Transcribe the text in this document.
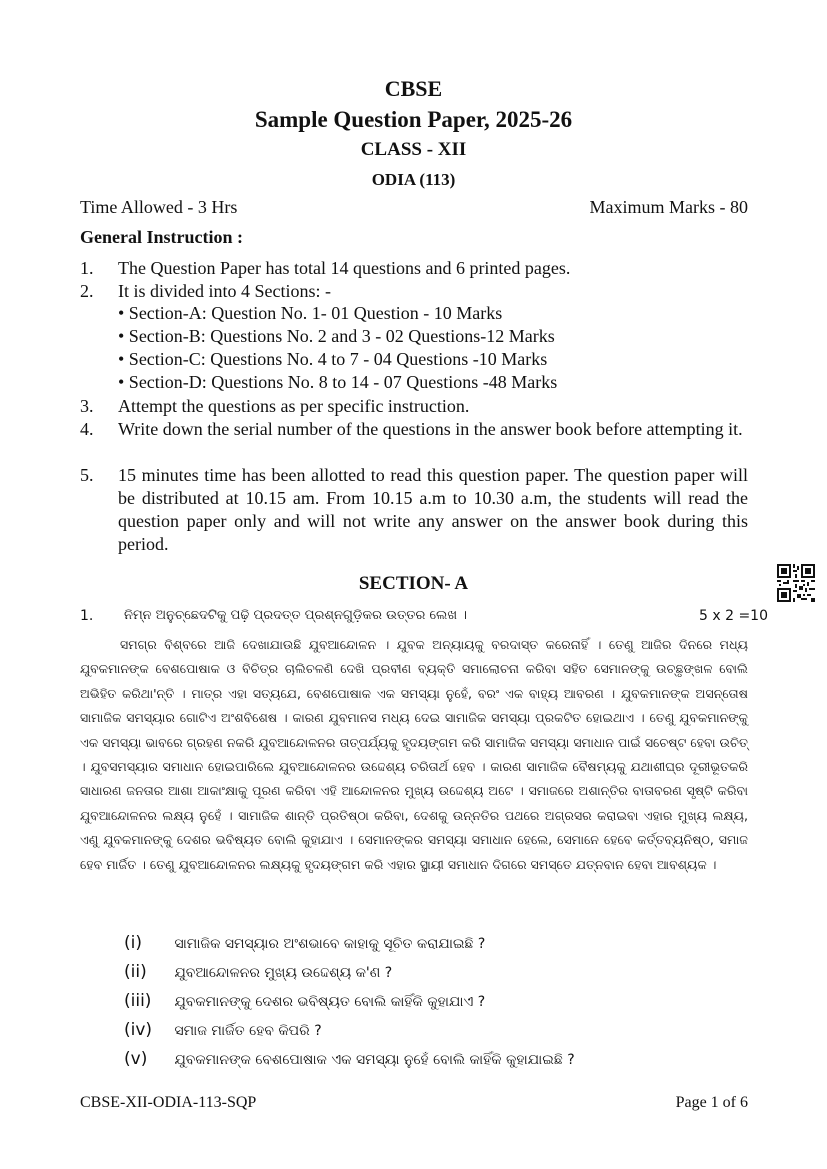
CBSE
Sample Question Paper, 2025-26
CLASS - XII
ODIA (113)
Time Allowed - 3 Hrs	Maximum Marks - 80
General Instruction :
1. The Question Paper has total 14 questions and 6 printed pages.
2. It is divided into 4 Sections: -
• Section-A: Question No. 1- 01 Question - 10 Marks
• Section-B: Questions No. 2 and 3 - 02 Questions-12 Marks
• Section-C: Questions No. 4 to 7 - 04 Questions -10 Marks
• Section-D: Questions No. 8 to 14 - 07 Questions -48 Marks
3. Attempt the questions as per specific instruction.
4. Write down the serial number of the questions in the answer book before attempting it.
5. 15 minutes time has been allotted to read this question paper. The question paper will be distributed at 10.15 am. From 10.15 a.m to 10.30 a.m, the students will read the question paper only and will not write any answer on the answer book during this period.
SECTION- A
1. ନିମ୍ନ ଅନୁଚ୍ଛେଦଟିକୁ ପଢ଼ି ପ୍ରଦତ୍ତ ପ୍ରଶ୍ନଗୁଡ଼ିକର ଉତ୍ତର ଲେଖ ।	5 x 2 =10
ସମଗ୍ର ବିଶ୍ବରେ ଆଜି ଦେଖାଯାଉଛି ଯୁବଆନ୍ଦୋଳନ । ଯୁବକ ଅନ୍ୟାୟକୁ ବରଦାସ୍ତ କରେନାହିଁ । ତେଣୁ ଆଜିର ଦିନରେ ମଧ୍ୟ ଯୁବକମାନଙ୍କ ବେଶପୋଷାକ ଓ ବିଚିତ୍ର ଚାଲିଚଳଣି ଦେଖି ପ୍ରବୀଣ ବ୍ୟକ୍ତି ସମାଲୋଚନା କରିବା ସହିତ ସେମାନଙ୍କୁ ଉଚ୍ଛୃଙ୍ଖଳ ବୋଲି ଅଭିହିତ କରିଥା'ନ୍ତି । ମାତ୍ର ଏହା ସତ୍ୟଯେ, ବେଶପୋଷାକ ଏକ ସମସ୍ୟା ନୁହେଁ, ବରଂ ଏକ ବାହ୍ୟ ଆବରଣ । ଯୁବକମାନଙ୍କ ଅସନ୍ତୋଷ ସାମାଜିକ ସମସ୍ୟାର ଗୋଟିଏ ଅଂଶବିଶେଷ । କାରଣ ଯୁବମାନସ ମଧ୍ୟ ଦେଇ ସାମାଜିକ ସମସ୍ୟା ପ୍ରକଟିତ ହୋଇଥାଏ । ତେଣୁ ଯୁବକମାନଙ୍କୁ ଏକ ସମସ୍ୟା ଭାବରେ ଗ୍ରହଣ ନକରି ଯୁବଆନ୍ଦୋଳନର ତାତ୍ପର୍ଯ୍ୟକୁ ହୃଦୟଙ୍ଗମ କରି ସାମାଜିକ ସମସ୍ୟା ସମାଧାନ ପାଇଁ ସଚେଷ୍ଟ ହେବା ଉଚିତ୍ । ଯୁବସମସ୍ୟାର ସମାଧାନ ହୋଇପାରିଲେ ଯୁବଆନ୍ଦୋଳନର ଉଦ୍ଦେଶ୍ୟ ଚରିତାର୍ଥ ହେବ । କାରଣ ସାମାଜିକ ବୈଷମ୍ୟକୁ ଯଥାଶୀଘ୍ର ଦୂରୀଭୂତକରି ସାଧାରଣ ଜନତାର ଆଶା ଆକାଂକ୍ଷାକୁ ପୂରଣ କରିବା ଏହି ଆନ୍ଦୋଳନର ମୁଖ୍ୟ ଉଦ୍ଦେଶ୍ୟ ଅଟେ । ସମାଜରେ ଅଶାନ୍ତିର ବାତାବରଣ ସୃଷ୍ଟି କରିବା ଯୁବଆନ୍ଦୋଳନର ଲକ୍ଷ୍ୟ ନୁହେଁ । ସାମାଜିକ ଶାନ୍ତି ପ୍ରତିଷ୍ଠା କରିବା, ଦେଶକୁ ଉନ୍ନତିର ପଥରେ ଅଗ୍ରସର କରାଇବା ଏହାର ମୁଖ୍ୟ ଲକ୍ଷ୍ୟ, ଏଣୁ ଯୁବକମାନଙ୍କୁ ଦେଶର ଭବିଷ୍ୟତ ବୋଲି କୁହାଯାଏ । ସେମାନଙ୍କର ସମସ୍ୟା ସମାଧାନ ହେଲେ, ସେମାନେ ହେବେ କର୍ତ୍ତବ୍ୟନିଷ୍ଠ, ସମାଜ ହେବ ମାର୍ଜିତ । ତେଣୁ ଯୁବଆନ୍ଦୋଳନର ଲକ୍ଷ୍ୟକୁ ହୃଦୟଙ୍ଗମ କରି ଏହାର ସ୍ଥାୟୀ ସମାଧାନ ଦିଗରେ ସମସ୍ତେ ଯତ୍ନବାନ ହେବା ଆବଶ୍ୟକ ।
(i) ସାମାଜିକ ସମସ୍ୟାର ଅଂଶଭାବେ କାହାକୁ ସୂଚିତ କରାଯାଇଛି ?
(ii) ଯୁବଆନ୍ଦୋଳନର ମୁଖ୍ୟ ଉଦ୍ଦେଶ୍ୟ କ'ଣ ?
(iii) ଯୁବକମାନଙ୍କୁ ଦେଶର ଭବିଷ୍ୟତ ବୋଲି କାହିଁକି କୁହାଯାଏ ?
(iv) ସମାଜ ମାର୍ଜିତ ହେବ କିପରି ?
(v) ଯୁବକମାନଙ୍କ ବେଶପୋଷାକ ଏକ ସମସ୍ୟା ନୁହେଁ ବୋଲି କାହିଁକି କୁହାଯାଇଛି ?
CBSE-XII-ODIA-113-SQP	Page 1 of 6
